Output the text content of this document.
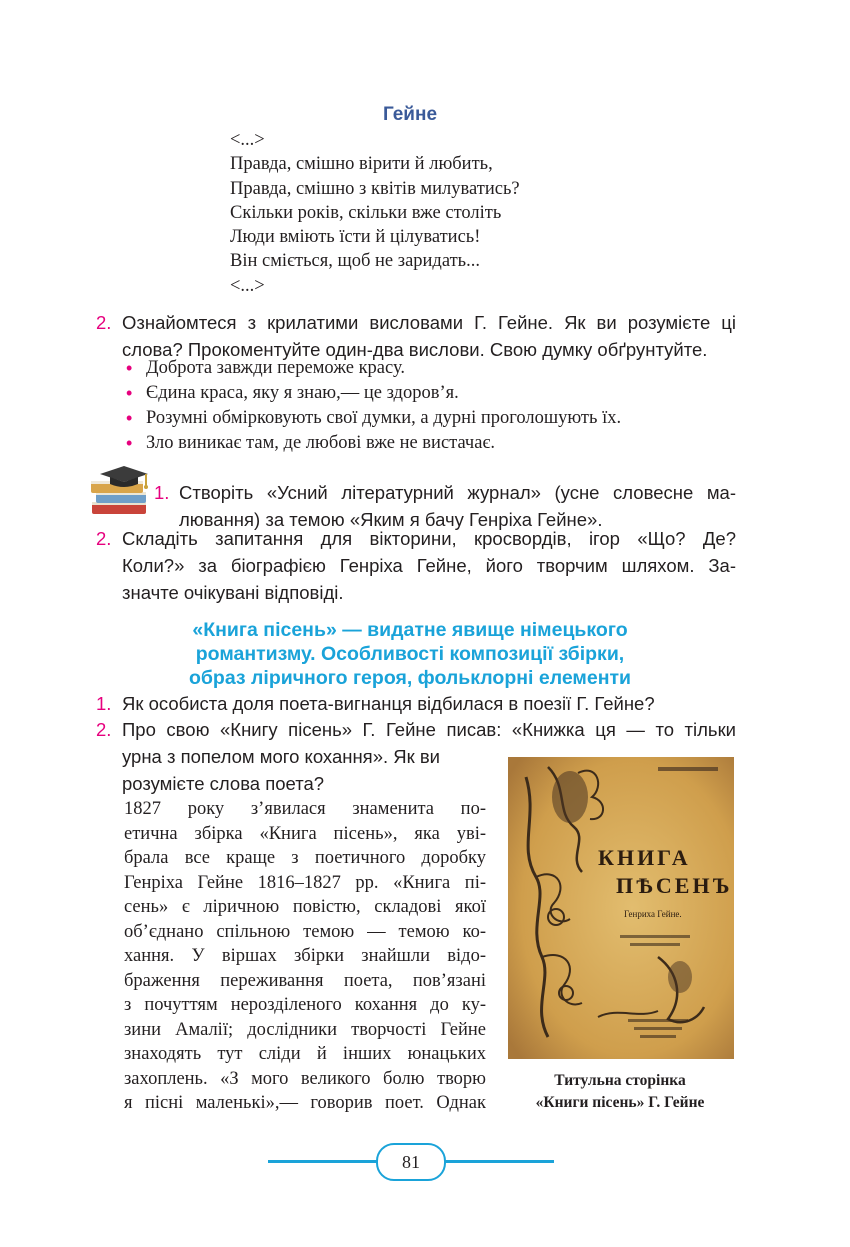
Гейне
<...>
Правда, смішно вірити й любить,
Правда, смішно з квітів милуватись?
Скільки років, скільки вже століть
Люди вміють їсти й цілуватись!
Він сміється, щоб не заридать...
<...>
2. Ознайомтеся з крилатими висловами Г. Гейне. Як ви розумієте ці
слова? Прокоментуйте один-два вислови. Свою думку обґрунтуйте.
• Доброта завжди переможе красу.
• Єдина краса, яку я знаю,— це здоров’я.
• Розумні обмірковують свої думки, а дурні проголошують їх.
• Зло виникає там, де любові вже не вистачає.
1. Створіть «Усний літературний журнал» (усне словесне ма-
лювання) за темою «Яким я бачу Генріха Гейне».
2. Складіть запитання для вікторини, кросвордів, ігор «Що? Де?
Коли?» за біографією Генріха Гейне, його творчим шляхом. За-
значте очікувані відповіді.
«Книга пісень» — видатне явище німецького
романтизму. Особливості композиції збірки,
образ ліричного героя, фольклорні елементи
1. Як особиста доля поета-вигнанця відбилася в поезії Г. Гейне?
2. Про свою «Книгу пісень» Г. Гейне писав: «Книжка ця — то тільки
урна з попелом мого кохання». Як ви
розумієте слова поета?
1827 року з’явилася знаменита по-
етична збірка «Книга пісень», яка уві-
брала все краще з поетичного доробку
Генріха Гейне 1816–1827 рр. «Книга пі-
сень» є ліричною повістю, складові якої
об’єднано спільною темою — темою ко-
хання. У віршах збірки знайшли відо-
браження переживання поета, пов’язані
з почуттям нерозділеного кохання до ку-
зини Амалії; дослідники творчості Гейне
знаходять тут сліди й інших юнацьких
захоплень. «З мого великого болю творю
я пісні маленькі»,— говорив поет. Однак
КНИГА
ПѢСЕНЪ
Генриха Гейне.
Титульна сторінка
«Книги пісень» Г. Гейне
81
